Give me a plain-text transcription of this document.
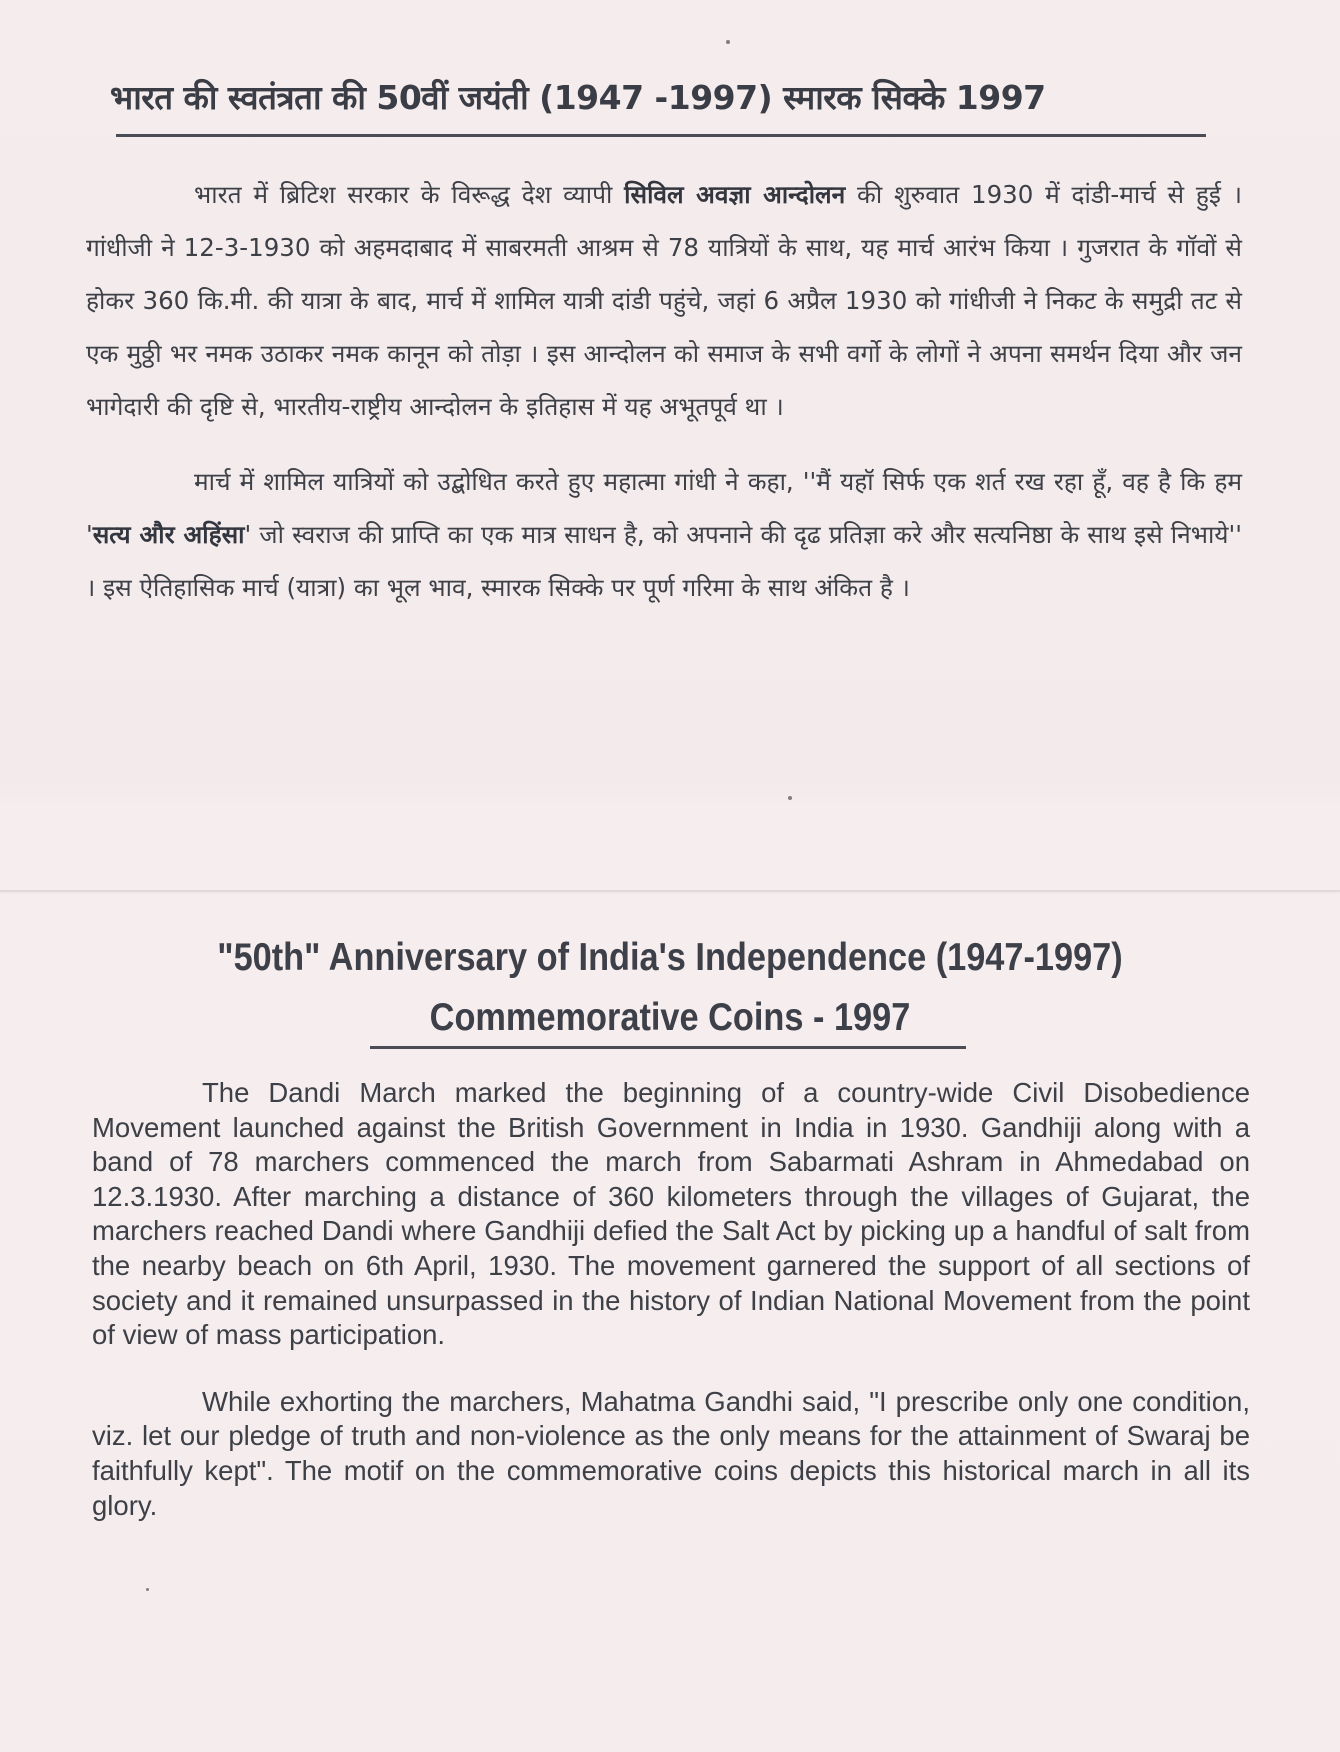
भारत की स्वतंत्रता की 50वीं जयंती (1947 -1997) स्मारक सिक्के 1997

भारत में ब्रिटिश सरकार के विरूद्ध देश व्यापी सिविल अवज्ञा आन्दोलन की शुरुवात 1930 में दांडी-मार्च से हुई । गांधीजी ने 12-3-1930 को अहमदाबाद में साबरमती आश्रम से 78 यात्रियों के साथ, यह मार्च आरंभ किया । गुजरात के गॉवों से होकर 360 कि.मी. की यात्रा के बाद, मार्च में शामिल यात्री दांडी पहुंचे, जहां 6 अप्रैल 1930 को गांधीजी ने निकट के समुद्री तट से एक मुठ्ठी भर नमक उठाकर नमक कानून को तोड़ा । इस आन्दोलन को समाज के सभी वर्गो के लोगों ने अपना समर्थन दिया और जन भागेदारी की दृष्टि से, भारतीय-राष्ट्रीय आन्दोलन के इतिहास में यह अभूतपूर्व था ।

मार्च में शामिल यात्रियों को उद्बोधित करते हुए महात्मा गांधी ने कहा, ''मैं यहॉ सिर्फ एक शर्त रख रहा हूँ, वह है कि हम 'सत्य और अहिंसा' जो स्वराज की प्राप्ति का एक मात्र साधन है, को अपनाने की दृढ प्रतिज्ञा करे और सत्यनिष्ठा के साथ इसे निभाये'' । इस ऐतिहासिक मार्च (यात्रा) का भूल भाव, स्मारक सिक्के पर पूर्ण गरिमा के साथ अंकित है ।

"50th" Anniversary of India's Independence (1947-1997)
Commemorative Coins - 1997

The Dandi March marked the beginning of a country-wide Civil Disobedience Movement launched against the British Government in India in 1930. Gandhiji along with a band of 78 marchers commenced the march from Sabarmati Ashram in Ahmedabad on 12.3.1930. After marching a distance of 360 kilometers through the villages of Gujarat, the marchers reached Dandi where Gandhiji defied the Salt Act by picking up a handful of salt from the nearby beach on 6th April, 1930. The movement garnered the support of all sections of society and it remained unsurpassed in the history of Indian National Movement from the point of view of mass participation.

While exhorting the marchers, Mahatma Gandhi said, "I prescribe only one condition, viz. let our pledge of truth and non-violence as the only means for the attainment of Swaraj be faithfully kept". The motif on the commemorative coins depicts this historical march in all its glory.
